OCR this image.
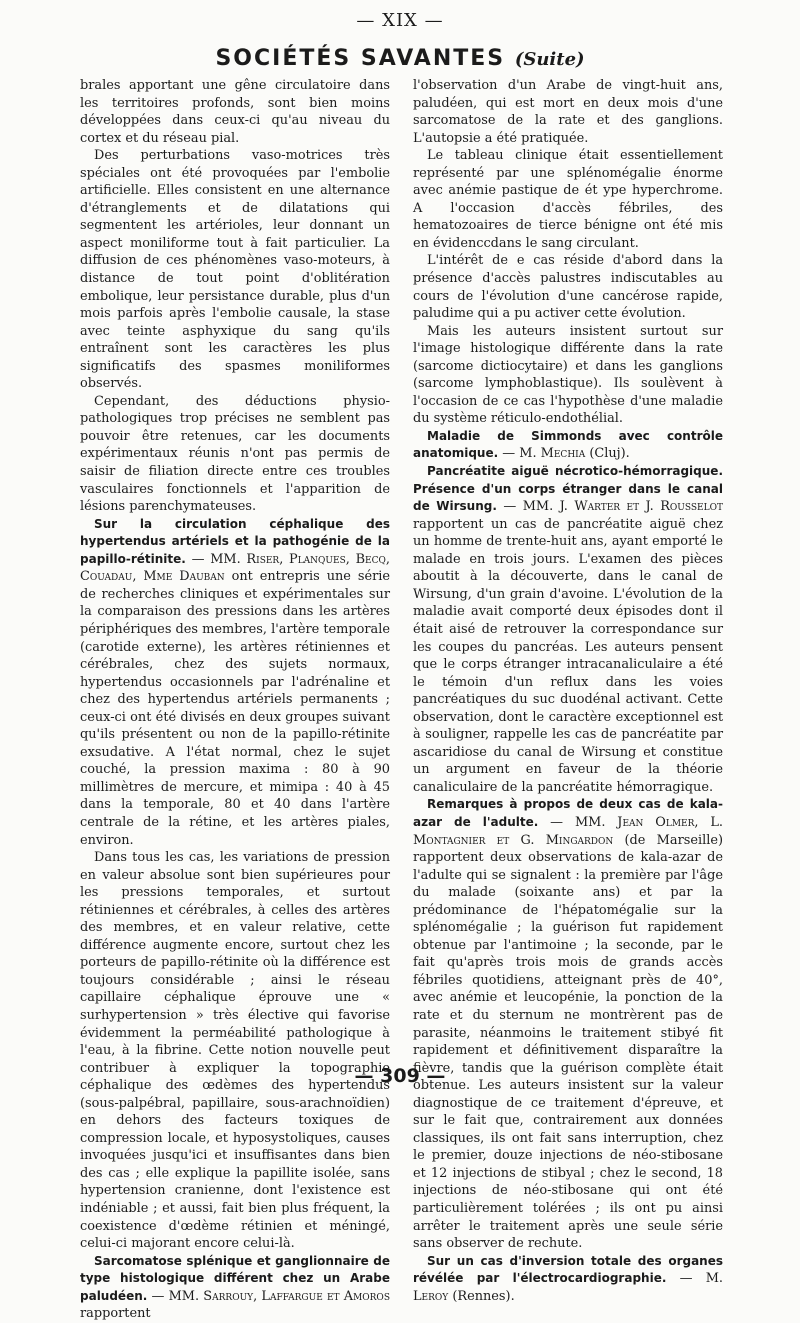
— XIX —
SOCIÉTÉS SAVANTES (Suite)

brales apportant une gêne circulatoire dans les territoires profonds, sont bien moins développées dans ceux-ci qu'au niveau du cortex et du réseau pial.

Des perturbations vaso-motrices très spéciales ont été provoquées par l'embolie artificielle. Elles consistent en une alternance d'étranglements et de dilatations qui segmentent les artérioles, leur donnant un aspect moniliforme tout à fait particulier. La diffusion de ces phénomènes vaso-moteurs, à distance de tout point d'oblitération embolique, leur persistance durable, plus d'un mois parfois après l'embolie causale, la stase avec teinte asphyxique du sang qu'ils entraînent sont les caractères les plus significatifs des spasmes moniliformes observés.

Cependant, des déductions physio-pathologiques trop précises ne semblent pas pouvoir être retenues, car les documents expérimentaux réunis n'ont pas permis de saisir de filiation directe entre ces troubles vasculaires fonctionnels et l'apparition de lésions parenchymateuses.

Sur la circulation céphalique des hypertendus artériels et la pathogénie de la papillo-rétinite. — MM. Riser, Planques, Becq, Couadau, Mme Dauban ont entrepris une série de recherches cliniques et expérimentales sur la comparaison des pressions dans les artères périphériques des membres, l'artère temporale (carotide externe), les artères rétiniennes et cérébrales, chez des sujets normaux, hypertendus occasionnels par l'adrénaline et chez des hypertendus artériels permanents ; ceux-ci ont été divisés en deux groupes suivant qu'ils présentent ou non de la papillo-rétinite exsudative. A l'état normal, chez le sujet couché, la pression maxima : 80 à 90 millimètres de mercure, et mimipa : 40 à 45 dans la temporale, 80 et 40 dans l'artère centrale de la rétine, et les artères piales, environ.

Dans tous les cas, les variations de pression en valeur absolue sont bien supérieures pour les pressions temporales, et surtout rétiniennes et cérébrales, à celles des artères des membres, et en valeur relative, cette différence augmente encore, surtout chez les porteurs de papillo-rétinite où la différence est toujours considérable ; ainsi le réseau capillaire céphalique éprouve une « surhypertension » très élective qui favorise évidemment la perméabilité pathologique à l'eau, à la fibrine. Cette notion nouvelle peut contribuer à expliquer la topographie céphalique des œdèmes des hypertendus (sous-palpébral, papillaire, sous-arachnoïdien) en dehors des facteurs toxiques de compression locale, et hyposystoliques, causes invoquées jusqu'ici et insuffisantes dans bien des cas ; elle explique la papillite isolée, sans hypertension cranienne, dont l'existence est indéniable ; et aussi, fait bien plus fréquent, la coexistence d'œdème rétinien et méningé, celui-ci majorant encore celui-là.

Sarcomatose splénique et ganglionnaire de type histologique différent chez un Arabe paludéen. — MM. Sarrouy, Laffargue et Amoros rapportent

l'observation d'un Arabe de vingt-huit ans, paludéen, qui est mort en deux mois d'une sarcomatose de la rate et des ganglions. L'autopsie a été pratiquée.

Le tableau clinique était essentiellement représenté par une splénomégalie énorme avec anémie pastique de ét ype hyperchrome. A l'occasion d'accès fébriles, des hematozoaires de tierce bénigne ont été mis en évidenccdans le sang circulant.

L'intérêt de e cas réside d'abord dans la présence d'accès palustres indiscutables au cours de l'évolution d'une cancérose rapide, paludime qui a pu activer cette évolution.

Mais les auteurs insistent surtout sur l'image histologique différente dans la rate (sarcome dictiocytaire) et dans les ganglions (sarcome lymphoblastique). Ils soulèvent à l'occasion de ce cas l'hypothèse d'une maladie du système réticulo-endothélial.

Maladie de Simmonds avec contrôle anatomique. — M. Mechia (Cluj).

Pancréatite aiguë nécrotico-hémorragique. Présence d'un corps étranger dans le canal de Wirsung. — MM. J. Warter et J. Rousselot rapportent un cas de pancréatite aiguë chez un homme de trente-huit ans, ayant emporté le malade en trois jours. L'examen des pièces aboutit à la découverte, dans le canal de Wirsung, d'un grain d'avoine. L'évolution de la maladie avait comporté deux épisodes dont il était aisé de retrouver la correspondance sur les coupes du pancréas. Les auteurs pensent que le corps étranger intracanaliculaire a été le témoin d'un reflux dans les voies pancréatiques du suc duodénal activant. Cette observation, dont le caractère exceptionnel est à souligner, rappelle les cas de pancréatite par ascaridiose du canal de Wirsung et constitue un argument en faveur de la théorie canaliculaire de la pancréatite hémorragique.

Remarques à propos de deux cas de kala-azar de l'adulte. — MM. Jean Olmer, L. Montagnier et G. Mingardon (de Marseille) rapportent deux observations de kala-azar de l'adulte qui se signalent : la première par l'âge du malade (soixante ans) et par la prédominance de l'hépatomégalie sur la splénomégalie ; la guérison fut rapidement obtenue par l'antimoine ; la seconde, par le fait qu'après trois mois de grands accès fébriles quotidiens, atteignant près de 40°, avec anémie et leucopénie, la ponction de la rate et du sternum ne montrèrent pas de parasite, néanmoins le traitement stibyé fit rapidement et définitivement disparaître la fièvre, tandis que la guérison complète était obtenue. Les auteurs insistent sur la valeur diagnostique de ce traitement d'épreuve, et sur le fait que, contrairement aux données classiques, ils ont fait sans interruption, chez le premier, douze injections de néo-stibosane et 12 injections de stibyal ; chez le second, 18 injections de néo-stibosane qui ont été particulièrement tolérées ; ils ont pu ainsi arrêter le traitement après une seule série sans observer de rechute.

Sur un cas d'inversion totale des organes révélée par l'électrocardiographie. — M. Leroy (Rennes).

— 309 —
